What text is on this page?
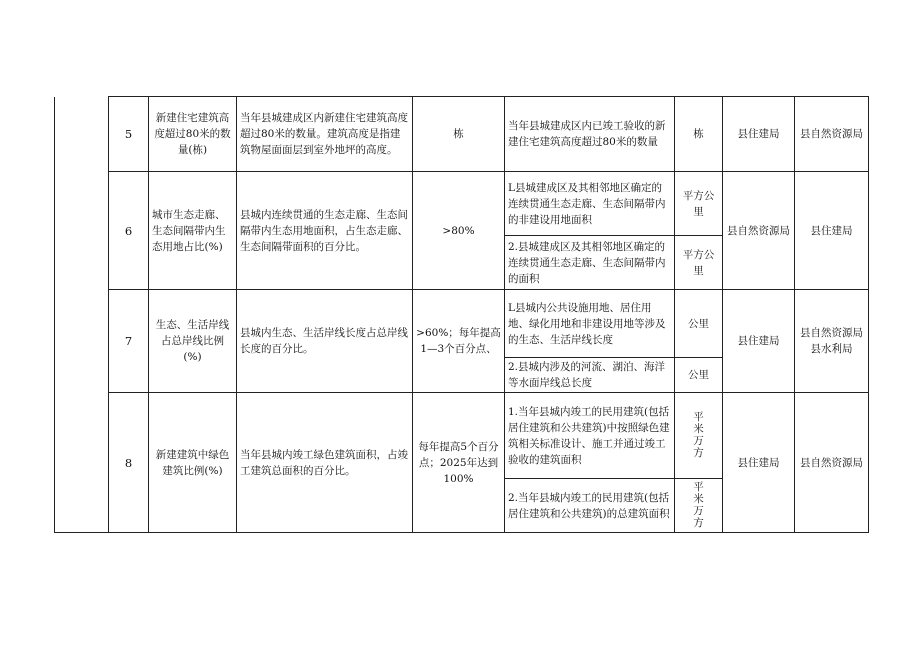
	5	新建住宅建筑高度超过80米的数量(栋)	当年县城建成区内新建住宅建筑高度超过80米的数量。建筑高度是指建筑物屋面面层到室外地坪的高度。	栋	当年县城建成区内已竣工验收的新建住宅建筑高度超过80米的数量	栋	县住建局	县自然资源局
	6	城市生态走廊、生态间隔带内生态用地占比(%)	县城内连续贯通的生态走廊、生态间隔带内生态用地面积，占生态走廊、生态间隔带面积的百分比。	>80%	L县城建成区及其相邻地区确定的连续贯通生态走廊、生态间隔带内的非建设用地面积	平方公里	县自然资源局	县住建局
					2.县城建成区及其相邻地区确定的连续贯通生态走廊、生态间隔带内的面积	平方公里		
	7	生态、生活岸线占总岸线比例(%)	县城内生态、生活岸线长度占总岸线长度的百分比。	>60%；每年提高1—3个百分点、	L县城内公共设施用地、居住用地、绿化用地和非建设用地等涉及的生态、生活岸线长度	公里	县住建局	县自然资源局 县水利局
					2.县城内涉及的河流、湖泊、海洋等水面岸线总长度	公里		
	8	新建建筑中绿色建筑比例(%)	当年县城内竣工绿色建筑面积，占竣工建筑总面积的百分比。	每年提高5个百分点；2025年达到100%	1.当年县城内竣工的民用建筑(包括居住建筑和公共建筑)中按照绿色建筑相关标准设计、施工并通过竣工验收的建筑面积	平米万方	县住建局	县自然资源局
					2.当年县城内竣工的民用建筑(包括居住建筑和公共建筑)的总建筑面积	平米万方		
